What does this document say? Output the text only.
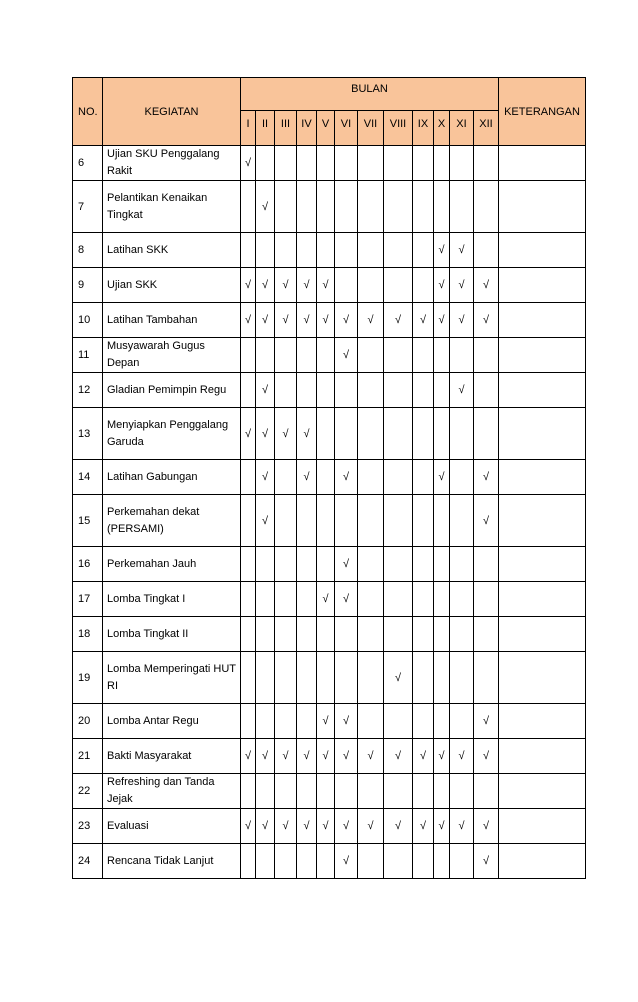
NO.	KEGIATAN	BULAN												KETERANGAN
		I	II	III	IV	V	VI	VII	VIII	IX	X	XI	XII	

6	Ujian SKU Penggalang Rakit	√												
7	Pelantikan Kenaikan Tingkat		√											
8	Latihan SKK										√	√		
9	Ujian SKK	√	√	√	√	√					√	√	√	
10	Latihan Tambahan	√	√	√	√	√	√	√	√	√	√	√	√	
11	Musyawarah Gugus Depan						√							
12	Gladian Pemimpin Regu		√									√		
13	Menyiapkan Penggalang Garuda	√	√	√	√									
14	Latihan Gabungan		√		√		√				√		√	
15	Perkemahan dekat (PERSAMI)		√										√	
16	Perkemahan Jauh						√							
17	Lomba Tingkat I					√	√							
18	Lomba Tingkat II													
19	Lomba Memperingati HUT RI								√					
20	Lomba Antar Regu					√	√						√	
21	Bakti Masyarakat	√	√	√	√	√	√	√	√	√	√	√	√	
22	Refreshing dan Tanda Jejak													
23	Evaluasi	√	√	√	√	√	√	√	√	√	√	√	√	
24	Rencana Tidak Lanjut						√						√	
